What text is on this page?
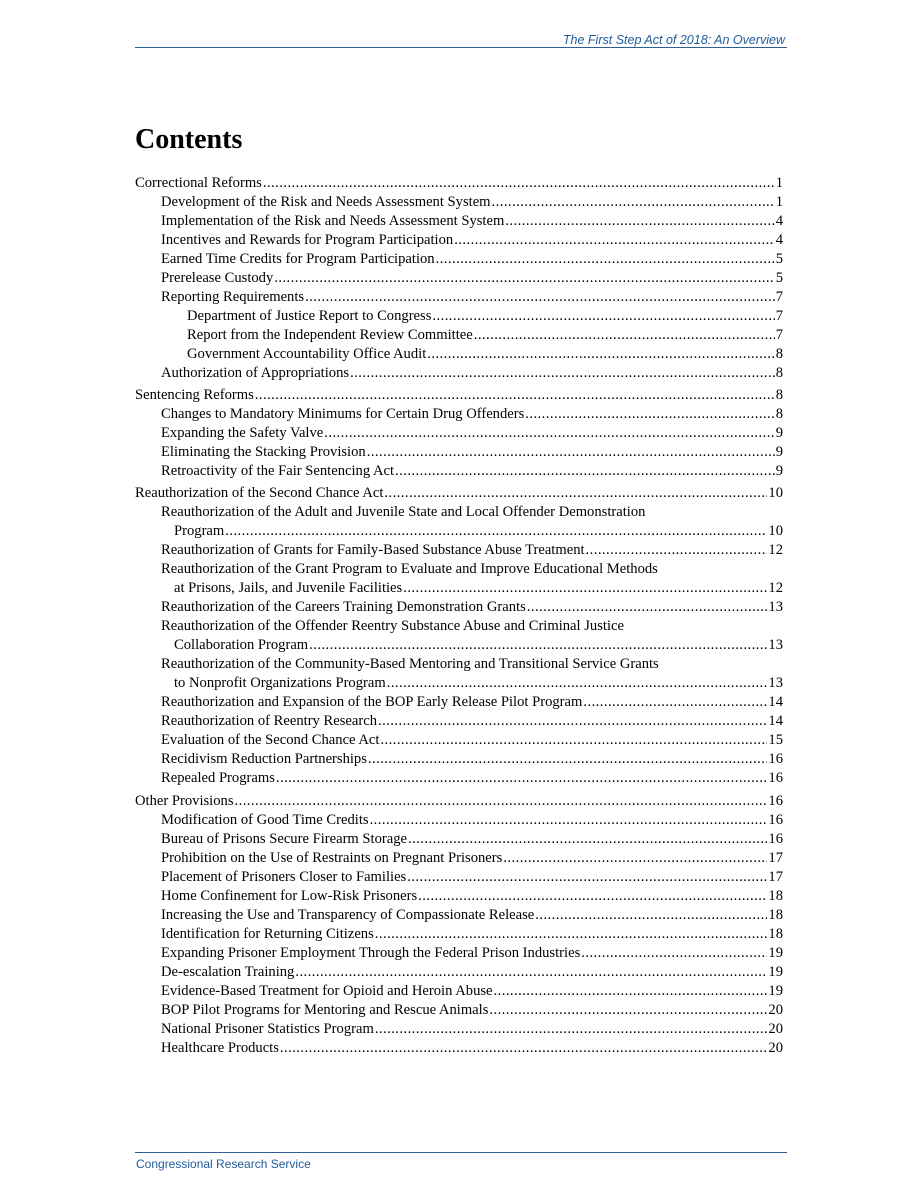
The First Step Act of 2018: An Overview
Contents
Correctional Reforms . . .	1
Development of the Risk and Needs Assessment System . . .	1
Implementation of the Risk and Needs Assessment System . . .	4
Incentives and Rewards for Program Participation . . .	4
Earned Time Credits for Program Participation . . .	5
Prerelease Custody . . .	5
Reporting Requirements . . .	7
Department of Justice Report to Congress . . .	7
Report from the Independent Review Committee . . .	7
Government Accountability Office Audit . . .	8
Authorization of Appropriations . . .	8
Sentencing Reforms . . .	8
Changes to Mandatory Minimums for Certain Drug Offenders . . .	8
Expanding the Safety Valve . . .	9
Eliminating the Stacking Provision . . .	9
Retroactivity of the Fair Sentencing Act . . .	9
Reauthorization of the Second Chance Act . . .	10
Reauthorization of the Adult and Juvenile State and Local Offender Demonstration
Program . . .	10
Reauthorization of Grants for Family-Based Substance Abuse Treatment . . .	12
Reauthorization of the Grant Program to Evaluate and Improve Educational Methods
at Prisons, Jails, and Juvenile Facilities . . .	12
Reauthorization of the Careers Training Demonstration Grants . . .	13
Reauthorization of the Offender Reentry Substance Abuse and Criminal Justice
Collaboration Program . . .	13
Reauthorization of the Community-Based Mentoring and Transitional Service Grants
to Nonprofit Organizations Program . . .	13
Reauthorization and Expansion of the BOP Early Release Pilot Program . . .	14
Reauthorization of Reentry Research . . .	14
Evaluation of the Second Chance Act . . .	15
Recidivism Reduction Partnerships . . .	16
Repealed Programs . . .	16
Other Provisions . . .	16
Modification of Good Time Credits . . .	16
Bureau of Prisons Secure Firearm Storage . . .	16
Prohibition on the Use of Restraints on Pregnant Prisoners . . .	17
Placement of Prisoners Closer to Families . . .	17
Home Confinement for Low-Risk Prisoners . . .	18
Increasing the Use and Transparency of Compassionate Release . . .	18
Identification for Returning Citizens . . .	18
Expanding Prisoner Employment Through the Federal Prison Industries . . .	19
De-escalation Training . . .	19
Evidence-Based Treatment for Opioid and Heroin Abuse . . .	19
BOP Pilot Programs for Mentoring and Rescue Animals . . .	20
National Prisoner Statistics Program . . .	20
Healthcare Products . . .	20
Congressional Research Service
